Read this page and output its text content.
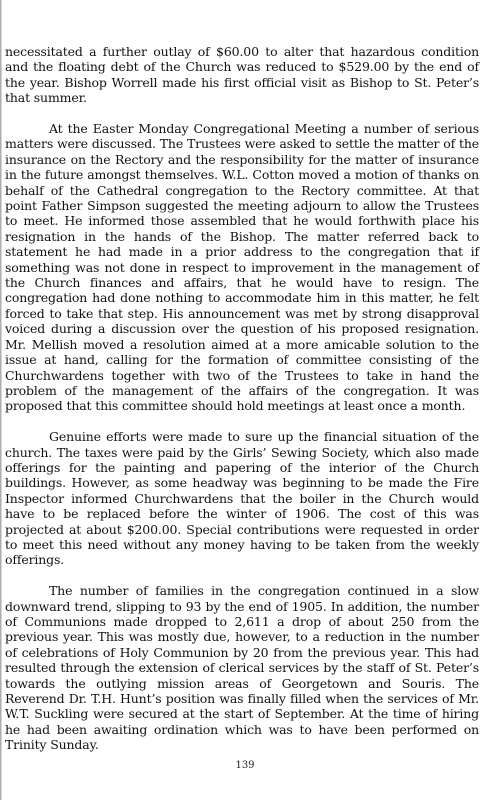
necessitated a further outlay of $60.00 to alter that hazardous condition and the floating debt of the Church was reduced to $529.00 by the end of the year. Bishop Worrell made his first official visit as Bishop to St. Peter’s that summer.

At the Easter Monday Congregational Meeting a number of serious matters were discussed. The Trustees were asked to settle the matter of the insurance on the Rectory and the responsibility for the matter of insurance in the future amongst themselves. W.L. Cotton moved a motion of thanks on behalf of the Cathedral congregation to the Rectory committee. At that point Father Simpson suggested the meeting adjourn to allow the Trustees to meet. He informed those assembled that he would forthwith place his resignation in the hands of the Bishop. The matter referred back to statement he had made in a prior address to the congregation that if something was not done in respect to improvement in the management of the Church finances and affairs, that he would have to resign. The congregation had done nothing to accommodate him in this matter, he felt forced to take that step. His announcement was met by strong disapproval voiced during a discussion over the question of his proposed resignation. Mr. Mellish moved a resolution aimed at a more amicable solution to the issue at hand, calling for the formation of committee consisting of the Churchwardens together with two of the Trustees to take in hand the problem of the management of the affairs of the congregation. It was proposed that this committee should hold meetings at least once a month.

Genuine efforts were made to sure up the financial situation of the church. The taxes were paid by the Girls’ Sewing Society, which also made offerings for the painting and papering of the interior of the Church buildings. However, as some headway was beginning to be made the Fire Inspector informed Churchwardens that the boiler in the Church would have to be replaced before the winter of 1906. The cost of this was projected at about $200.00. Special contributions were requested in order to meet this need without any money having to be taken from the weekly offerings.

The number of families in the congregation continued in a slow downward trend, slipping to 93 by the end of 1905. In addition, the number of Communions made dropped to 2,611 a drop of about 250 from the previous year. This was mostly due, however, to a reduction in the number of celebrations of Holy Communion by 20 from the previous year. This had resulted through the extension of clerical services by the staff of St. Peter’s towards the outlying mission areas of Georgetown and Souris. The Reverend Dr. T.H. Hunt’s position was finally filled when the services of Mr. W.T. Suckling were secured at the start of September. At the time of hiring he had been awaiting ordination which was to have been performed on Trinity Sunday.

139
